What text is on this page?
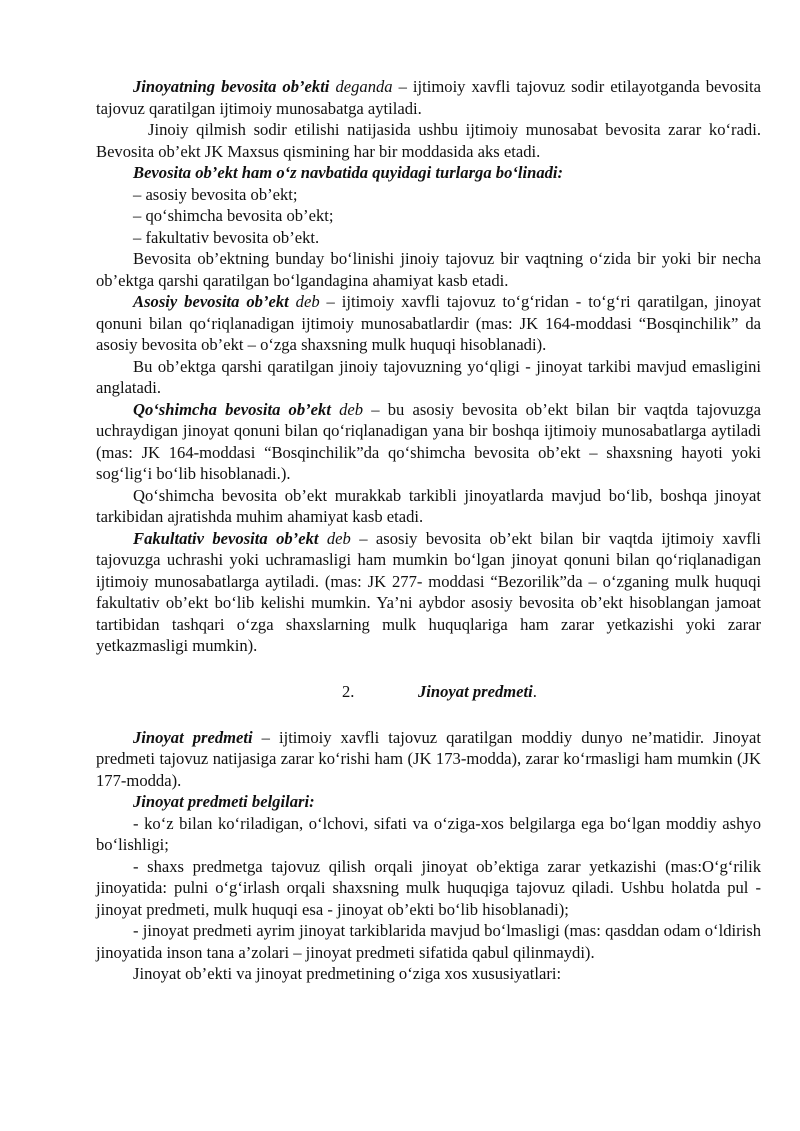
Jinoyatning bevosita ob’ekti deganda – ijtimoiy xavfli tajovuz sodir etilayotganda bevosita tajovuz qaratilgan ijtimoiy munosabatga aytiladi.

Jinoiy qilmish sodir etilishi natijasida ushbu ijtimoiy munosabat bevosita zarar ko‘radi. Bevosita ob’ekt JK Maxsus qismining har bir moddasida aks etadi.

Bevosita ob’ekt ham o‘z navbatida quyidagi turlarga bo‘linadi:

– asosiy bevosita ob’ekt;

– qo‘shimcha bevosita ob’ekt;

– fakultativ bevosita ob’ekt.

Bevosita ob’ektning bunday bo‘linishi jinoiy tajovuz bir vaqtning o‘zida bir yoki bir necha ob’ektga qarshi qaratilgan bo‘lgandagina ahamiyat kasb etadi.

Asosiy bevosita ob’ekt deb – ijtimoiy xavfli tajovuz to‘g‘ridan - to‘g‘ri qaratilgan, jinoyat qonuni bilan qo‘riqlanadigan ijtimoiy munosabatlardir (mas: JK 164-moddasi “Bosqinchilik” da asosiy bevosita ob’ekt – o‘zga shaxsning mulk huquqi hisoblanadi).

Bu ob’ektga qarshi qaratilgan jinoiy tajovuzning yo‘qligi - jinoyat tarkibi mavjud emasligini anglatadi.

Qo‘shimcha bevosita ob’ekt deb – bu asosiy bevosita ob’ekt bilan bir vaqtda tajovuzga uchraydigan jinoyat qonuni bilan qo‘riqlanadigan yana bir boshqa ijtimoiy munosabatlarga aytiladi (mas: JK 164-moddasi “Bosqinchilik”da qo‘shimcha bevosita ob’ekt – shaxsning hayoti yoki sog‘lig‘i bo‘lib hisoblanadi.).

Qo‘shimcha bevosita ob’ekt murakkab tarkibli jinoyatlarda mavjud bo‘lib, boshqa jinoyat tarkibidan ajratishda muhim ahamiyat kasb etadi.

Fakultativ bevosita ob’ekt deb – asosiy bevosita ob’ekt bilan bir vaqtda ijtimoiy xavfli tajovuzga uchrashi yoki uchramasligi ham mumkin bo‘lgan jinoyat qonuni bilan qo‘riqlanadigan ijtimoiy munosabatlarga aytiladi. (mas: JK 277- moddasi “Bezorilik”da – o‘zganing mulk huquqi fakultativ ob’ekt bo‘lib kelishi mumkin. Ya’ni aybdor asosiy bevosita ob’ekt hisoblangan jamoat tartibidan tashqari o‘zga shaxslarning mulk huquqlariga ham zarar yetkazishi yoki zarar yetkazmasligi mumkin).

2.	Jinoyat predmeti.

Jinoyat predmeti – ijtimoiy xavfli tajovuz qaratilgan moddiy dunyo ne’matidir. Jinoyat predmeti tajovuz natijasiga zarar ko‘rishi ham (JK 173-modda), zarar ko‘rmasligi ham mumkin (JK 177-modda).

Jinoyat predmeti belgilari:

- ko‘z bilan ko‘riladigan, o‘lchovi, sifati va o‘ziga-xos belgilarga ega bo‘lgan moddiy ashyo bo‘lishligi;

- shaxs predmetga tajovuz qilish orqali jinoyat ob’ektiga zarar yetkazishi (mas:O‘g‘rilik jinoyatida: pulni o‘g‘irlash orqali shaxsning mulk huquqiga tajovuz qiladi. Ushbu holatda pul - jinoyat predmeti, mulk huquqi esa - jinoyat ob’ekti bo‘lib hisoblanadi);

- jinoyat predmeti ayrim jinoyat tarkiblarida mavjud bo‘lmasligi (mas: qasddan odam o‘ldirish jinoyatida inson tana a’zolari – jinoyat predmeti sifatida qabul qilinmaydi).

Jinoyat ob’ekti va jinoyat predmetining o‘ziga xos xususiyatlari:
